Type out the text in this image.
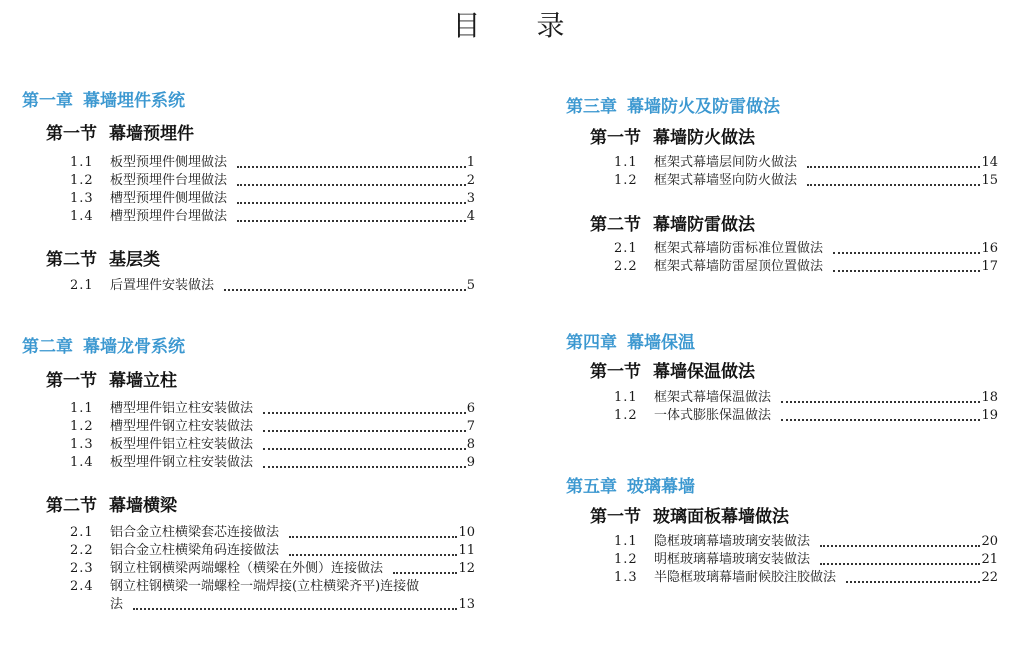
目　录
第一章 幕墙埋件系统
第一节 幕墙预埋件
1.1	板型预埋件侧埋做法	1
1.2	板型预埋件台埋做法	2
1.3	槽型预埋件侧埋做法	3
1.4	槽型预埋件台埋做法	4
第二节 基层类
2.1	后置埋件安装做法	5
第二章 幕墙龙骨系统
第一节 幕墙立柱
1.1	槽型埋件铝立柱安装做法	6
1.2	槽型埋件钢立柱安装做法	7
1.3	板型埋件铝立柱安装做法	8
1.4	板型埋件钢立柱安装做法	9
第二节 幕墙横梁
2.1	铝合金立柱横梁套芯连接做法	10
2.2	铝合金立柱横梁角码连接做法	11
2.3	钢立柱钢横梁两端螺栓（横梁在外侧）连接做法	12
2.4	钢立柱钢横梁一端螺栓一端焊接(立柱横梁齐平)连接做
法	13
第三章 幕墙防火及防雷做法
第一节 幕墙防火做法
1.1	框架式幕墙层间防火做法	14
1.2	框架式幕墙竖向防火做法	15
第二节 幕墙防雷做法
2.1	框架式幕墙防雷标准位置做法	16
2.2	框架式幕墙防雷屋顶位置做法	17
第四章 幕墙保温
第一节 幕墙保温做法
1.1	框架式幕墙保温做法	18
1.2	一体式膨胀保温做法	19
第五章 玻璃幕墙
第一节 玻璃面板幕墙做法
1.1	隐框玻璃幕墙玻璃安装做法	20
1.2	明框玻璃幕墙玻璃安装做法	21
1.3	半隐框玻璃幕墙耐候胶注胶做法	22
